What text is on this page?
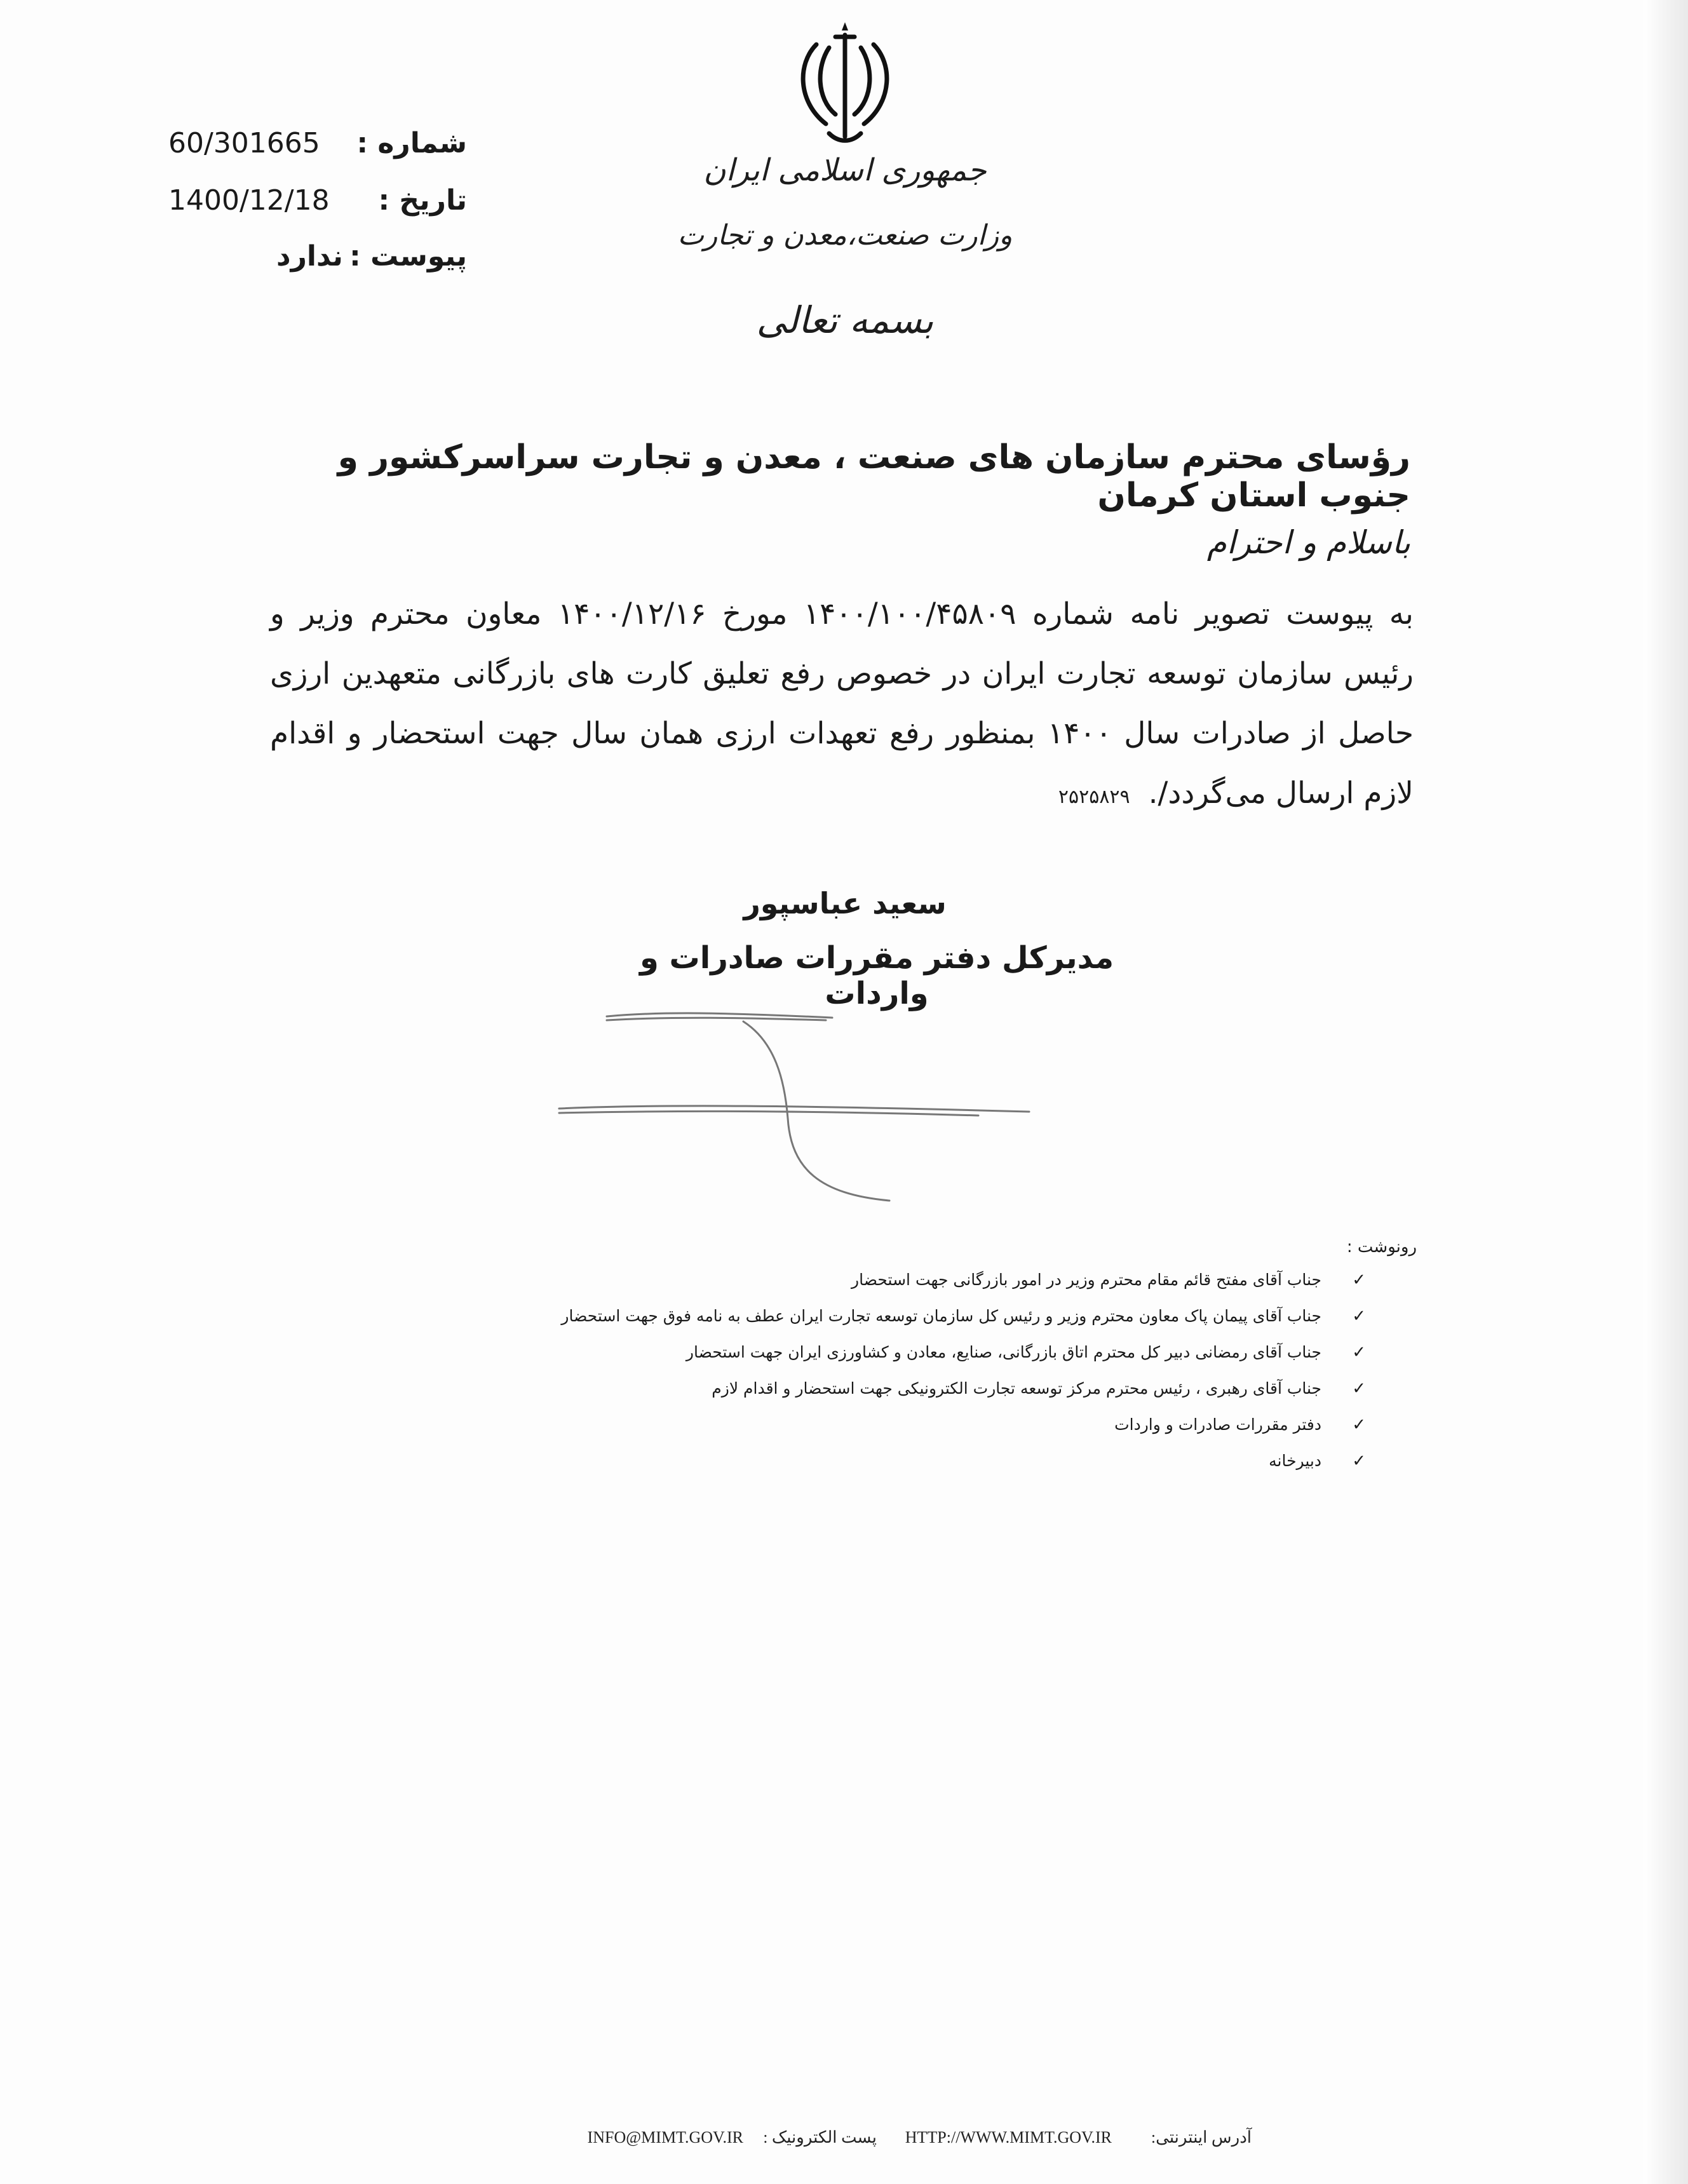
جمهوری اسلامی ایران
وزارت صنعت،معدن و تجارت
بسمه تعالی
شماره :
60/301665
تاریخ :
1400/12/18
پیوست :
ندارد
رؤسای محترم سازمان های صنعت ، معدن و تجارت سراسرکشور و جنوب استان کرمان
باسلام و احترام
به پیوست تصویر نامه شماره ۱۴۰۰/۱۰۰/۴۵۸۰۹ مورخ ۱۴۰۰/۱۲/۱۶ معاون محترم وزیر و رئیس سازمان توسعه تجارت ایران در خصوص رفع تعلیق کارت های بازرگانی متعهدین ارزی حاصل از صادرات سال ۱۴۰۰ بمنظور رفع تعهدات ارزی همان سال جهت استحضار و اقدام لازم ارسال می‌گردد/. ۲۵۲۵۸۲۹
سعید عباسپور
مدیرکل دفتر مقررات صادرات و واردات
رونوشت :
✓
جناب آقای مفتح قائم مقام محترم وزیر در امور بازرگانی جهت استحضار
✓
جناب آقای پیمان پاک معاون محترم وزیر و رئیس کل سازمان توسعه تجارت ایران عطف به نامه فوق جهت استحضار
✓
جناب آقای رمضانی دبیر کل محترم اتاق بازرگانی، صنایع، معادن و کشاورزی ایران جهت استحضار
✓
جناب آقای رهبری ، رئیس محترم مرکز توسعه تجارت الکترونیکی جهت استحضار و اقدام لازم
✓
دفتر مقررات صادرات و واردات
✓
دبیرخانه
آدرس اینترنتی:
HTTP://WWW.MIMT.GOV.IR
پست الکترونیک :
INFO@MIMT.GOV.IR
